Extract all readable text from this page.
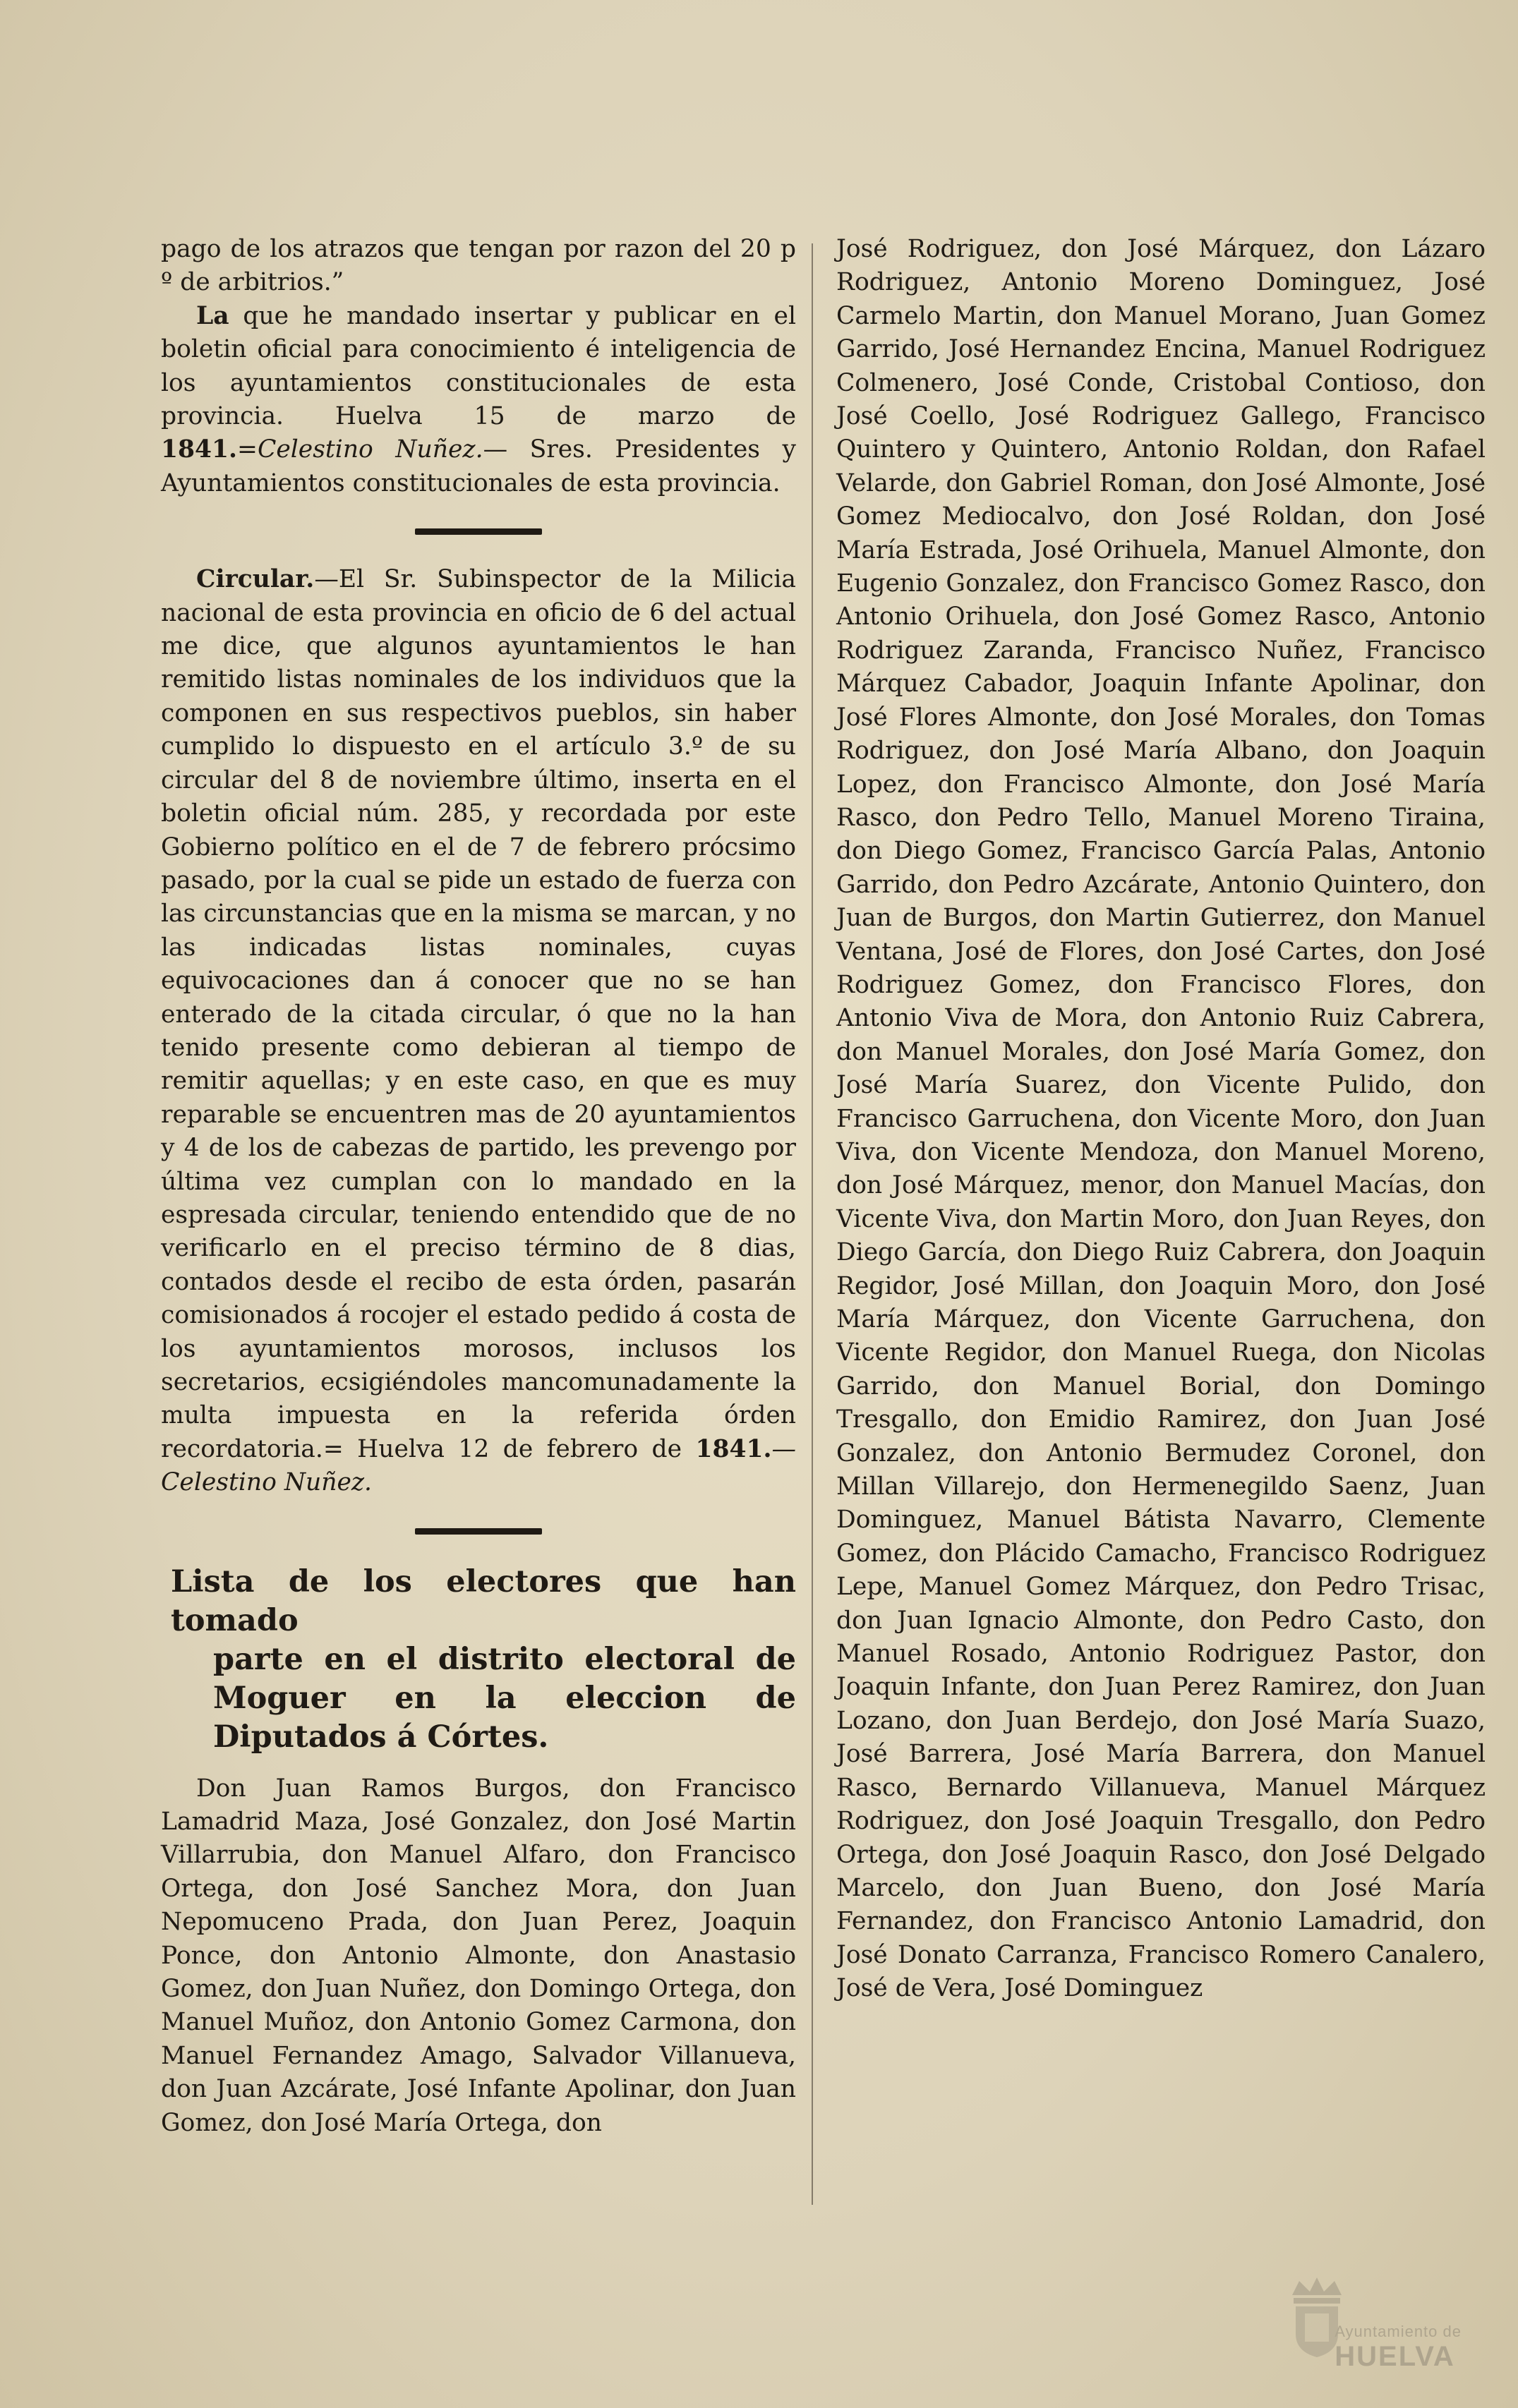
pago de los atrazos que tengan por razon del 20 p º de arbitrios.”

La que he mandado insertar y publicar en el boletin oficial para conocimiento é inteligencia de los ayuntamientos constitucionales de esta provincia. Huelva 15 de marzo de 1841.=Celestino Nuñez.— Sres. Presidentes y Ayuntamientos constitucionales de esta provincia.

Circular.—El Sr. Subinspector de la Milicia nacional de esta provincia en oficio de 6 del actual me dice, que algunos ayuntamientos le han remitido listas nominales de los individuos que la componen en sus respectivos pueblos, sin haber cumplido lo dispuesto en el artículo 3.º de su circular del 8 de noviembre último, inserta en el boletin oficial núm. 285, y recordada por este Gobierno político en el de 7 de febrero prócsimo pasado, por la cual se pide un estado de fuerza con las circunstancias que en la misma se marcan, y no las indicadas listas nominales, cuyas equivocaciones dan á conocer que no se han enterado de la citada circular, ó que no la han tenido presente como debieran al tiempo de remitir aquellas; y en este caso, en que es muy reparable se encuentren mas de 20 ayuntamientos y 4 de los de cabezas de partido, les prevengo por última vez cumplan con lo mandado en la espresada circular, teniendo entendido que de no verificarlo en el preciso término de 8 dias, contados desde el recibo de esta órden, pasarán comisionados á rocojer el estado pedido á costa de los ayuntamientos morosos, inclusos los secretarios, ecsigiéndoles mancomunadamente la multa impuesta en la referida órden recordatoria.= Huelva 12 de febrero de 1841.—Celestino Nuñez.

Lista de los electores que han tomado
parte en el distrito electoral de Moguer en la eleccion de Diputados á Córtes.

Don Juan Ramos Burgos, don Francisco Lamadrid Maza, José Gonzalez, don José Martin Villarrubia, don Manuel Alfaro, don Francisco Ortega, don José Sanchez Mora, don Juan Nepomuceno Prada, don Juan Perez, Joaquin Ponce, don Antonio Almonte, don Anastasio Gomez, don Juan Nuñez, don Domingo Ortega, don Manuel Muñoz, don Antonio Gomez Carmona, don Manuel Fernandez Amago, Salvador Villanueva, don Juan Azcárate, José Infante Apolinar, don Juan Gomez, don José María Ortega, don

José Rodriguez, don José Márquez, don Lázaro Rodriguez, Antonio Moreno Dominguez, José Carmelo Martin, don Manuel Morano, Juan Gomez Garrido, José Hernandez Encina, Manuel Rodriguez Colmenero, José Conde, Cristobal Contioso, don José Coello, José Rodriguez Gallego, Francisco Quintero y Quintero, Antonio Roldan, don Rafael Velarde, don Gabriel Roman, don José Almonte, José Gomez Mediocalvo, don José Roldan, don José María Estrada, José Orihuela, Manuel Almonte, don Eugenio Gonzalez, don Francisco Gomez Rasco, don Antonio Orihuela, don José Gomez Rasco, Antonio Rodriguez Zaranda, Francisco Nuñez, Francisco Márquez Cabador, Joaquin Infante Apolinar, don José Flores Almonte, don José Morales, don Tomas Rodriguez, don José María Albano, don Joaquin Lopez, don Francisco Almonte, don José María Rasco, don Pedro Tello, Manuel Moreno Tiraina, don Diego Gomez, Francisco García Palas, Antonio Garrido, don Pedro Azcárate, Antonio Quintero, don Juan de Burgos, don Martin Gutierrez, don Manuel Ventana, José de Flores, don José Cartes, don José Rodriguez Gomez, don Francisco Flores, don Antonio Viva de Mora, don Antonio Ruiz Cabrera, don Manuel Morales, don José María Gomez, don José María Suarez, don Vicente Pulido, don Francisco Garruchena, don Vicente Moro, don Juan Viva, don Vicente Mendoza, don Manuel Moreno, don José Márquez, menor, don Manuel Macías, don Vicente Viva, don Martin Moro, don Juan Reyes, don Diego García, don Diego Ruiz Cabrera, don Joaquin Regidor, José Millan, don Joaquin Moro, don José María Márquez, don Vicente Garruchena, don Vicente Regidor, don Manuel Ruega, don Nicolas Garrido, don Manuel Borial, don Domingo Tresgallo, don Emidio Ramirez, don Juan José Gonzalez, don Antonio Bermudez Coronel, don Millan Villarejo, don Hermenegildo Saenz, Juan Dominguez, Manuel Bátista Navarro, Clemente Gomez, don Plácido Camacho, Francisco Rodriguez Lepe, Manuel Gomez Márquez, don Pedro Trisac, don Juan Ignacio Almonte, don Pedro Casto, don Manuel Rosado, Antonio Rodriguez Pastor, don Joaquin Infante, don Juan Perez Ramirez, don Juan Lozano, don Juan Berdejo, don José María Suazo, José Barrera, José María Barrera, don Manuel Rasco, Bernardo Villanueva, Manuel Márquez Rodriguez, don José Joaquin Tresgallo, don Pedro Ortega, don José Joaquin Rasco, don José Delgado Marcelo, don Juan Bueno, don José María Fernandez, don Francisco Antonio Lamadrid, don José Donato Carranza, Francisco Romero Canalero, José de Vera, José Dominguez

Ayuntamiento de
HUELVA
